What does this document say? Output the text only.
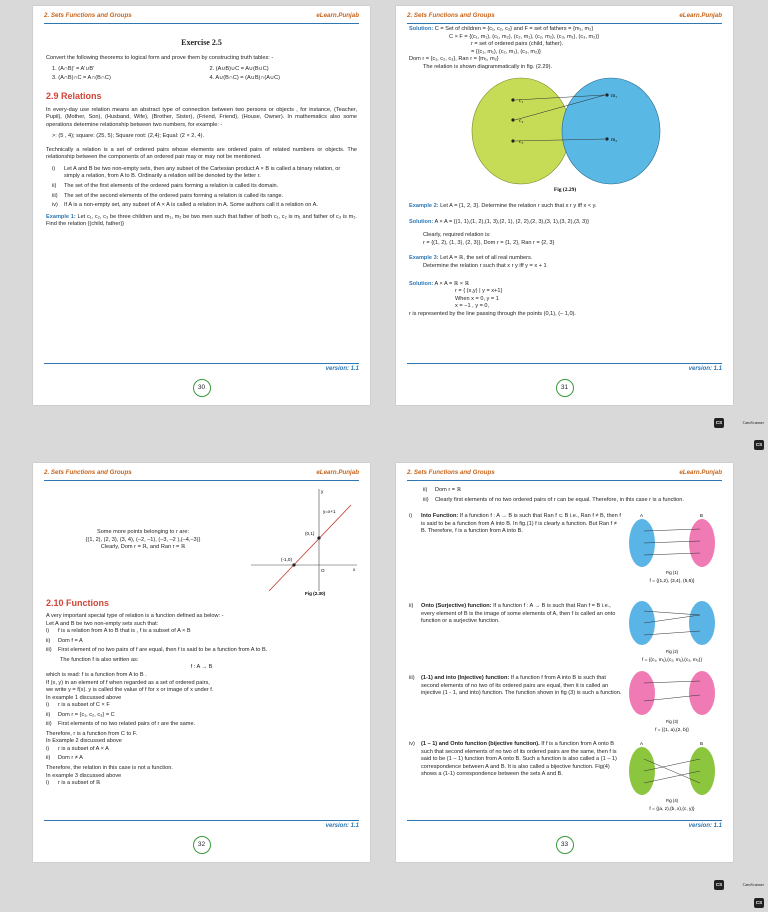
2. Sets Functions and Groups	eLearn.Punjab
Exercise 2.5
Convert the following theorems to logical form and prove them by constructing truth tables: -
1. (A∩B)′ = A′∪B′	2. (A∪B)∪C = A∪(B∪C)
3. (A∩B)∩C = A∩(B∩C)	4. A∪(B∩C) = (A∪B)∩(A∪C)
2.9 Relations
In every-day use relation means an abstract type of connection between two persons or objects , for instance, (Teacher, Pupil), (Mother, Son), (Husband, Wife), (Brother, Sister), (Friend, Friend), (House, Owner). In mathematics also some operations determine relationship between two numbers, for example: -
>: (5 , 4); square: (25, 5); Square root: (2,4); Equal: (2 × 2, 4).
Technically a relation is a set of ordered pairs whose elements are ordered pairs of related numbers or objects. The relationship between the components of an ordered pair may or may not be mentioned.
i)	Let A and B be two non-empty sets, then any subset of the Cartesian product A × B is called a binary relation, or simply a relation, from A to B. Ordinarily a relation will be denoted by the letter r.
ii)	The set of the first elements of the ordered pairs forming a relation is called its domain.
iii)	The set of the second elements of the ordered pairs forming a relation is called its range.
iv)	If A is a non-empty set, any subset of A × A is called a relation in A. Some authors call it a relation on A.
Example 1: Let c₁, c₂, c₃ be three children and m₁, m₂ be two men such that father of both c₁, c₂ is m₁ and father of c₃ is m₂. Find the relation {(child, father)}
version: 1.1
30
2. Sets Functions and Groups	eLearn.Punjab
Solution: C = Set of children = {c₁, c₂, c₃} and F = set of fathers = {m₁, m₂}
C × F = {(c₁, m₁), (c₁, m₂), (c₂, m₁), (c₂, m₂), (c₃, m₁), (c₃, m₂)}
r = set of ordered pairs (child, father).
= {(c₁, m₁), (c₂, m₁), (c₃, m₂)}
Dom r = {c₁, c₂, c₃}, Ran r = {m₁, m₂}
The relation is shown diagrammatically in fig. (2.29).
c₁
c₂
c₃
m₁
m₂
Fig (2.29)
Example 2: Let A = {1, 2, 3}. Determine the relation r such that x r y iff x < y.
Solution: A × A = {(1, 1),(1, 2),(1, 3),(2, 1), (2, 2),(2, 3),(3, 1),(3, 2),(3, 3)}
Clearly, required relation is:
r = {(1, 2), (1, 3), (2, 3)}, Dom r = {1, 2}, Ran r = {2, 3}
Example 3: Let A = ℝ, the set of all real numbers.
Determine the relation r such that x r y iff y = x + 1
Solution: A × A = ℝ × ℝ
r = { (x,y) | y = x+1}
When x = 0, y = 1
x = −1 , y = 0,
r is represented by the line passing through the points (0,1), (– 1,0).
version: 1.1
31
CS	CamScanner
CS
2. Sets Functions and Groups	eLearn.Punjab
y=x+1
(0,1)
(-1,0)
O	x
y
Fig (2.30)
Some more points belonging to r are:
{(1, 2), (2, 3), (3, 4), (–2, –1), (–3, –2 ),(–4,–3)}
Clearly, Dom r = ℝ, and Ran r = ℝ
2.10 Functions
A very important special type of relation is a function defined as below: -
Let A and B be two non-empty sets such that:
i)	f is a relation from A to B that is , f is a subset of A × B
ii)	Dom f = A
iii)	First element of no two pairs of f are equal, then f is said to be a function from A to B.
The function f is also written as:
f : A → B
which is read: f is a function from A to B .
If (x, y) in an element of f when regarded as a set of ordered pairs,
we write y = f(x). y is called the value of f for x or image of x under f.
In example 1 discussed above
i)	r is a subset of C × F
ii)	Dom r = {c₁, c₂, c₃} = C
iii)	First elements of no two related pairs of r are the same.
Therefore, r is a function from C to F.
In Example 2 discussed above
i)	r is a subset of A × A
ii)	Dom r ≠ A
Therefore, the relation in this case is not a function.
In example 3 discussed above
i)	r is a subset of ℝ
version: 1.1
32
2. Sets Functions and Groups	eLearn.Punjab
ii)	Dom r = ℝ
iii)	Clearly first elements of no two ordered pairs of r can be equal. Therefore, in this case r is a function.
i)	Into Function: If a function f : A → B is such that Ran f ⊂ B i.e., Ran f ≠ B, then f is said to be a function from A into B. In fig.(1) f is clearly a function. But Ran f ≠ B. Therefore, f is a function from A into B.
A	B
Fig (1)
f = {(1,2), (3,4), (5,6)}
ii)	Onto (Surjective) function: If a function f : A → B is such that Ran f = B i.e., every element of B is the image of some elements of A, then f is called an onto function or a surjective function.
Fig (2)
f = {(c₁, m₁),(c₂, m₁),(c₃, m₂)}
iii)	(1-1) and into (Injective) function: If a function f from A into B is such that second elements of no two of its ordered pairs are equal, then it is called an injective (1 - 1, and into) function. The function shown in fig (3) is such a function.
Fig (3)
f = {(1, a),(2, b)}
iv)	(1 – 1) and Onto function (bijective function). If f is a function from A onto B such that second elements of no two of its ordered pairs are the same, then f is said to be (1 – 1) function from A onto B. Such a function is also called a (1 – 1) correspondence between A and B. It is also called a bijective function. Fig(4) shows a (1-1) correspondence between the sets A and B.
A	B
Fig (4)
f = {(a, z),(b, x),(c, y)}
version: 1.1
33
CS	CamScanner
CS
